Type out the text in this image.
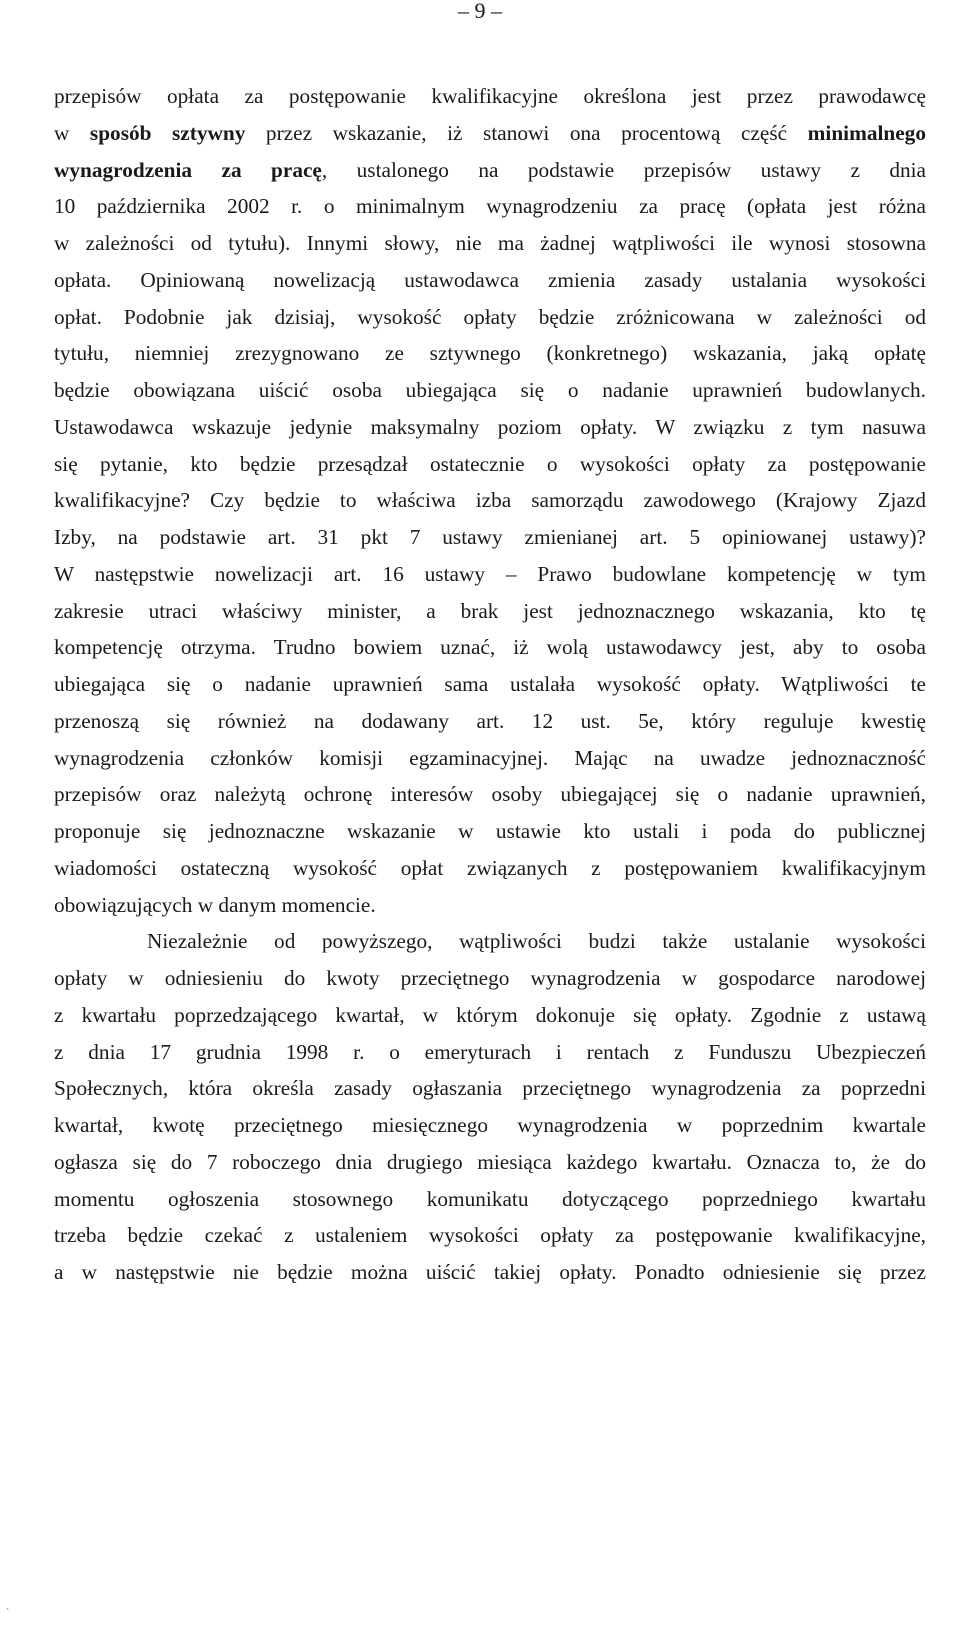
– 9 –
przepisów opłata za postępowanie kwalifikacyjne określona jest przez prawodawcę
w sposób sztywny przez wskazanie, iż stanowi ona procentową część minimalnego
wynagrodzenia za pracę, ustalonego na podstawie przepisów ustawy z dnia
10 października 2002 r. o minimalnym wynagrodzeniu za pracę (opłata jest różna
w zależności od tytułu). Innymi słowy, nie ma żadnej wątpliwości ile wynosi stosowna
opłata. Opiniowaną nowelizacją ustawodawca zmienia zasady ustalania wysokości
opłat. Podobnie jak dzisiaj, wysokość opłaty będzie zróżnicowana w zależności od
tytułu, niemniej zrezygnowano ze sztywnego (konkretnego) wskazania, jaką opłatę
będzie obowiązana uiścić osoba ubiegająca się o nadanie uprawnień budowlanych.
Ustawodawca wskazuje jedynie maksymalny poziom opłaty. W związku z tym nasuwa
się pytanie, kto będzie przesądzał ostatecznie o wysokości opłaty za postępowanie
kwalifikacyjne? Czy będzie to właściwa izba samorządu zawodowego (Krajowy Zjazd
Izby, na podstawie art. 31 pkt 7 ustawy zmienianej art. 5 opiniowanej ustawy)?
W następstwie nowelizacji art. 16 ustawy – Prawo budowlane kompetencję w tym
zakresie utraci właściwy minister, a brak jest jednoznacznego wskazania, kto tę
kompetencję otrzyma. Trudno bowiem uznać, iż wolą ustawodawcy jest, aby to osoba
ubiegająca się o nadanie uprawnień sama ustalała wysokość opłaty. Wątpliwości te
przenoszą się również na dodawany art. 12 ust. 5e, który reguluje kwestię
wynagrodzenia członków komisji egzaminacyjnej. Mając na uwadze jednoznaczność
przepisów oraz należytą ochronę interesów osoby ubiegającej się o nadanie uprawnień,
proponuje się jednoznaczne wskazanie w ustawie kto ustali i poda do publicznej
wiadomości ostateczną wysokość opłat związanych z postępowaniem kwalifikacyjnym
obowiązujących w danym momencie.
Niezależnie od powyższego, wątpliwości budzi także ustalanie wysokości
opłaty w odniesieniu do kwoty przeciętnego wynagrodzenia w gospodarce narodowej
z kwartału poprzedzającego kwartał, w którym dokonuje się opłaty. Zgodnie z ustawą
z dnia 17 grudnia 1998 r. o emeryturach i rentach z Funduszu Ubezpieczeń
Społecznych, która określa zasady ogłaszania przeciętnego wynagrodzenia za poprzedni
kwartał, kwotę przeciętnego miesięcznego wynagrodzenia w poprzednim kwartale
ogłasza się do 7 roboczego dnia drugiego miesiąca każdego kwartału. Oznacza to, że do
momentu ogłoszenia stosownego komunikatu dotyczącego poprzedniego kwartału
trzeba będzie czekać z ustaleniem wysokości opłaty za postępowanie kwalifikacyjne,
a w następstwie nie będzie można uiścić takiej opłaty. Ponadto odniesienie się przez
`
